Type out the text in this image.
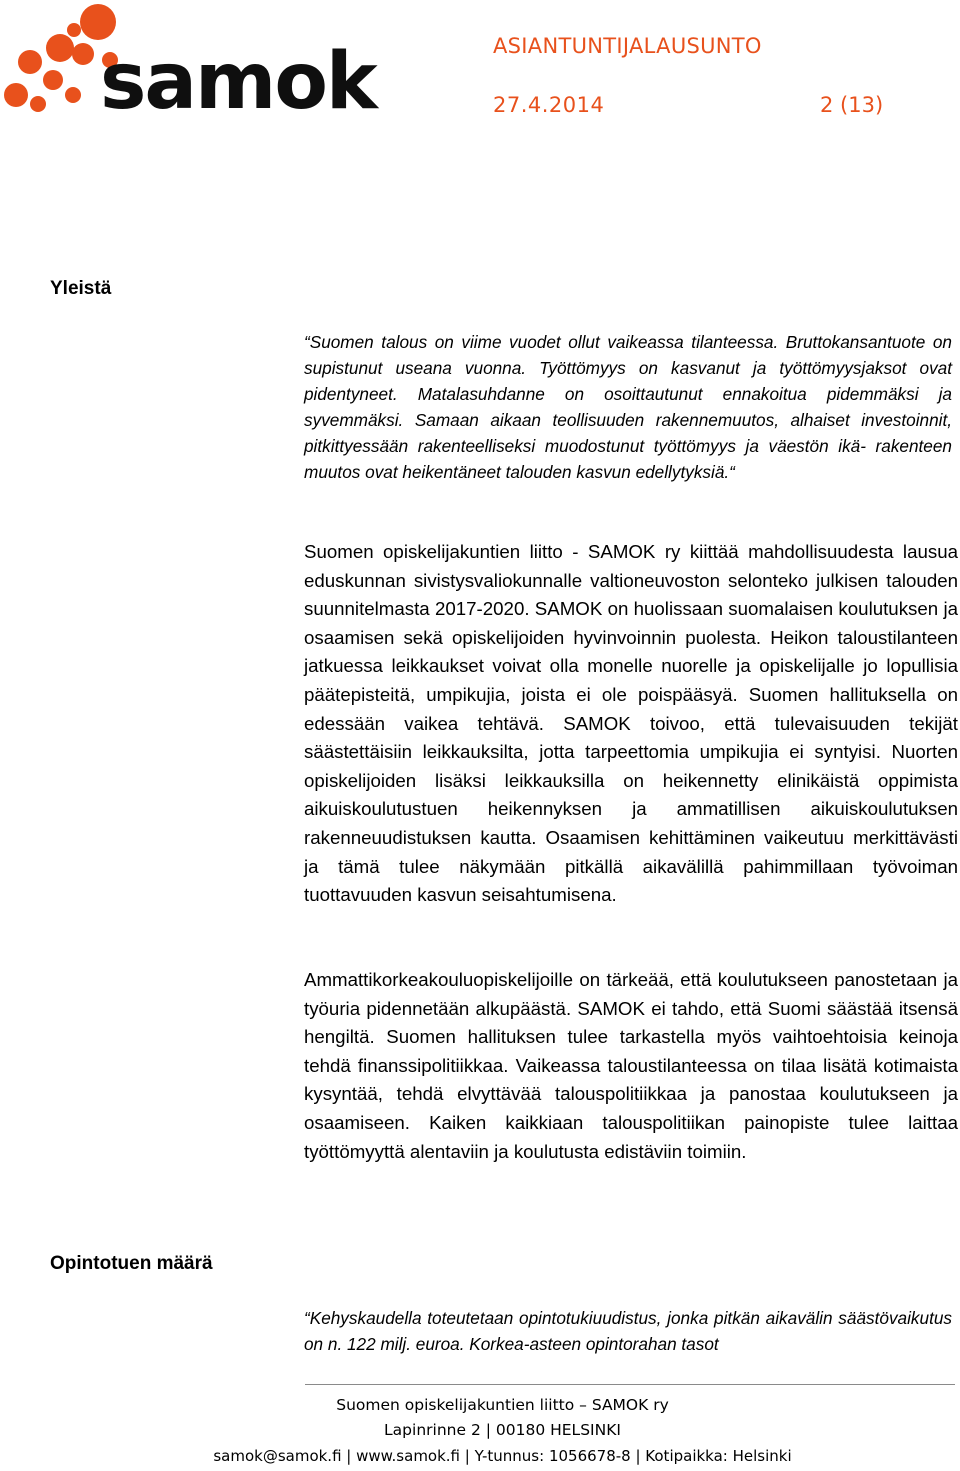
samok	ASIANTUNTIJALAUSUNTO
27.4.2014	2 (13)
Yleistä

“Suomen talous on viime vuodet ollut vaikeassa tilanteessa. Bruttokansantuote on supistunut useana vuonna. Työttömyys on kasvanut ja työttömyysjaksot ovat pidentyneet. Matalasuhdanne on osoittautunut ennakoitua pidemmäksi ja syvemmäksi. Samaan aikaan teollisuuden rakennemuutos, alhaiset investoinnit, pitkittyessään rakenteelliseksi muodostunut työttömyys ja väestön ikä- rakenteen muutos ovat heikentäneet talouden kasvun edellytyksiä.“

Suomen opiskelijakuntien liitto - SAMOK ry kiittää mahdollisuudesta lausua eduskunnan sivistysvaliokunnalle valtioneuvoston selonteko julkisen talouden suunnitelmasta 2017-2020. SAMOK on huolissaan suomalaisen koulutuksen ja osaamisen sekä opiskelijoiden hyvinvoinnin puolesta. Heikon taloustilanteen jatkuessa leikkaukset voivat olla monelle nuorelle ja opiskelijalle jo lopullisia päätepisteitä, umpikujia, joista ei ole poispääsyä. Suomen hallituksella on edessään vaikea tehtävä. SAMOK toivoo, että tulevaisuuden tekijät säästettäisiin leikkauksilta, jotta tarpeettomia umpikujia ei syntyisi. Nuorten opiskelijoiden lisäksi leikkauksilla on heikennetty elinikäistä oppimista aikuiskoulutustuen heikennyksen ja ammatillisen aikuiskoulutuksen rakenneuudistuksen kautta. Osaamisen kehittäminen vaikeutuu merkittävästi ja tämä tulee näkymään pitkällä aikavälillä pahimmillaan työvoiman tuottavuuden kasvun seisahtumisena.

Ammattikorkeakouluopiskelijoille on tärkeää, että koulutukseen panostetaan ja työuria pidennetään alkupäästä. SAMOK ei tahdo, että Suomi säästää itsensä hengiltä. Suomen hallituksen tulee tarkastella myös vaihtoehtoisia keinoja tehdä finanssipolitiikkaa. Vaikeassa taloustilanteessa on tilaa lisätä kotimaista kysyntää, tehdä elvyttävää talouspolitiikkaa ja panostaa koulutukseen ja osaamiseen. Kaiken kaikkiaan talouspolitiikan painopiste tulee laittaa työttömyyttä alentaviin ja koulutusta edistäviin toimiin.

Opintotuen määrä

“Kehyskaudella toteutetaan opintotukiuudistus, jonka pitkän aikavälin säästövaikutus on n. 122 milj. euroa. Korkea-asteen opintorahan tasot

Suomen opiskelijakuntien liitto – SAMOK ry
Lapinrinne 2 | 00180 HELSINKI
samok@samok.fi | www.samok.fi | Y-tunnus: 1056678-8 | Kotipaikka: Helsinki
